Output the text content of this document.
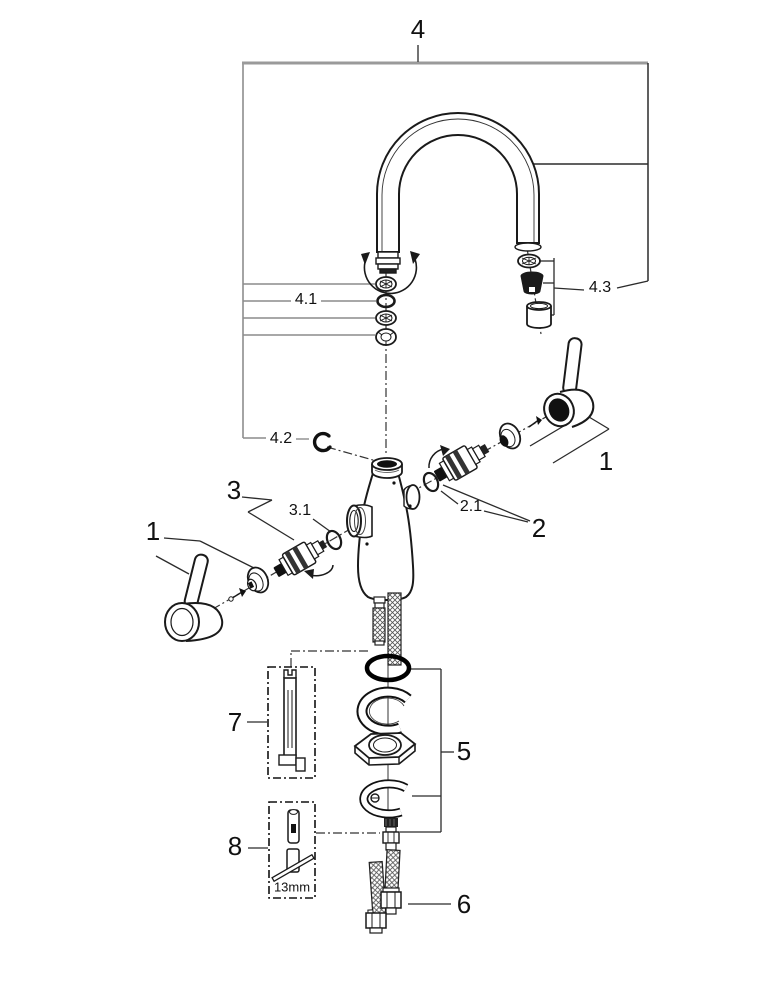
4
4.1
4.2
4.3
1
2
2.1
3
3.1
1
5
7
8
13mm
6
